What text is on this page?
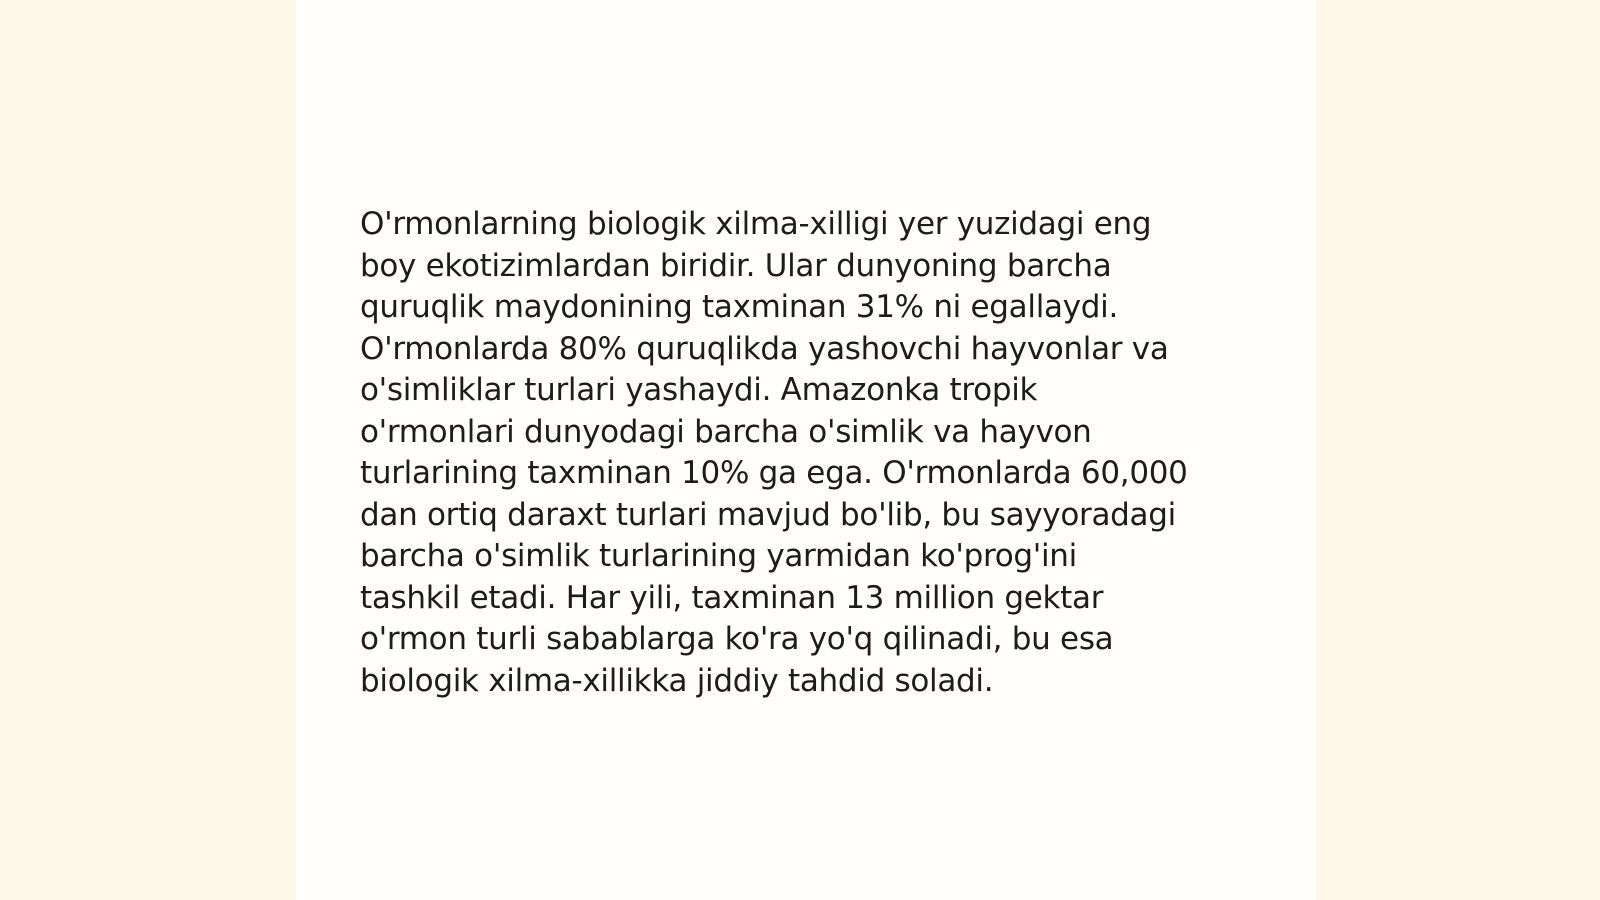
O'rmonlarning biologik xilma-xilligi yer yuzidagi eng
boy ekotizimlardan biridir. Ular dunyoning barcha
quruqlik maydonining taxminan 31% ni egallaydi.
O'rmonlarda 80% quruqlikda yashovchi hayvonlar va
o'simliklar turlari yashaydi. Amazonka tropik
o'rmonlari dunyodagi barcha o'simlik va hayvon
turlarining taxminan 10% ga ega. O'rmonlarda 60,000
dan ortiq daraxt turlari mavjud bo'lib, bu sayyoradagi
barcha o'simlik turlarining yarmidan ko'prog'ini
tashkil etadi. Har yili, taxminan 13 million gektar
o'rmon turli sabablarga ko'ra yo'q qilinadi, bu esa
biologik xilma-xillikka jiddiy tahdid soladi.
